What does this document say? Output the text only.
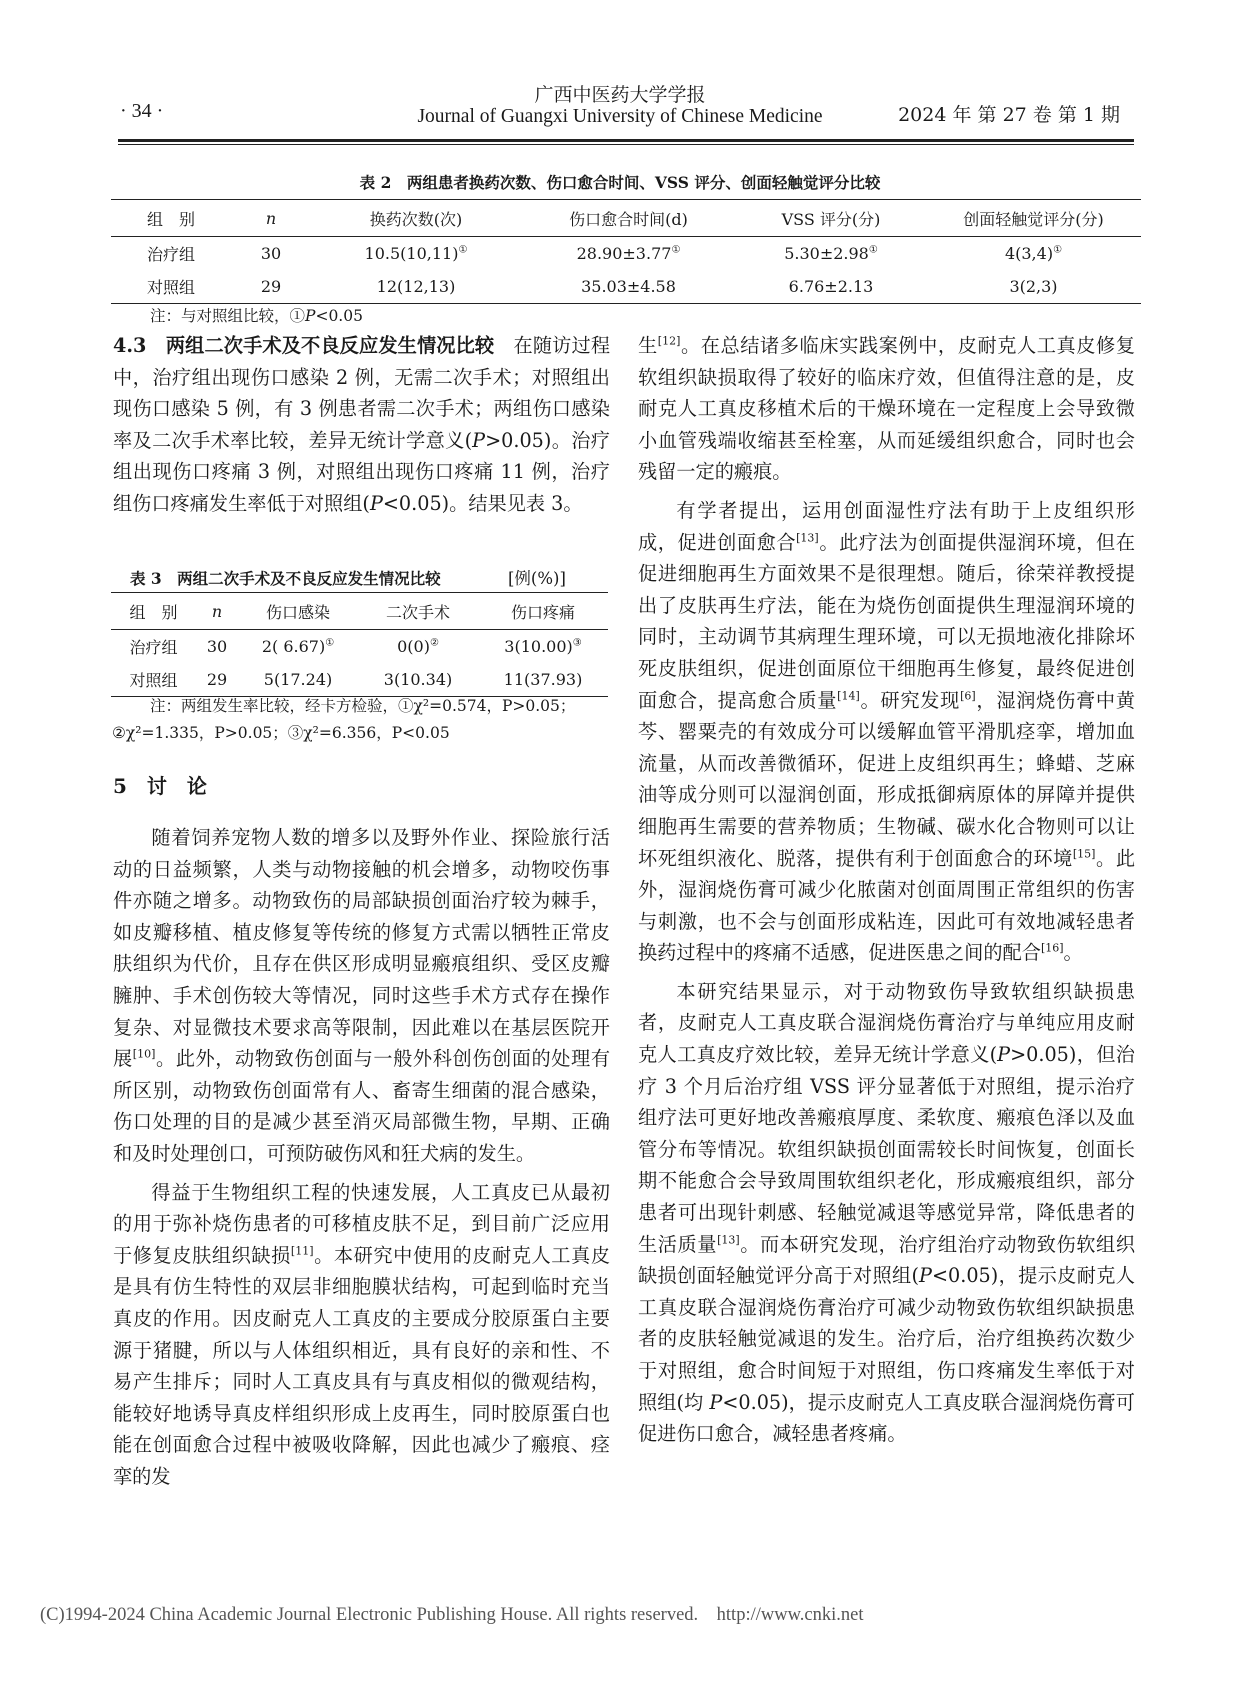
· 34 ·
广西中医药大学学报
Journal of Guangxi University of Chinese Medicine	2024 年 第 27 卷 第 1 期
表 2　两组患者换药次数、伤口愈合时间、VSS 评分、创面轻触觉评分比较
组　别	n	换药次数(次)	伤口愈合时间(d)	VSS 评分(分)	创面轻触觉评分(分)
治疗组	30	10.5(10,11)①	28.90±3.77①	5.30±2.98①	4(3,4)①
对照组	29	12(12,13)	35.03±4.58	6.76±2.13	3(2,3)
注：与对照组比较，①P<0.05

4.3　两组二次手术及不良反应发生情况比较　 在随访过程中，治疗组出现伤口感染 2 例，无需二次手术；对照组出现伤口感染 5 例，有 3 例患者需二次手术；两组伤口感染率及二次手术率比较，差异无统计学意义(P>0.05)。治疗组出现伤口疼痛 3 例，对照组出现伤口疼痛 11 例，治疗组伤口疼痛发生率低于对照组(P<0.05)。结果见表 3。

表 3　两组二次手术及不良反应发生情况比较	[例(%)]
组　别	n	伤口感染	二次手术	伤口疼痛
治疗组	30	2( 6.67)①	0(0)②	3(10.00)③
对照组	29	5(17.24)	3(10.34)	11(37.93)
注：两组发生率比较，经卡方检验，①χ²=0.574，P>0.05；
②χ²=1.335，P>0.05；③χ²=6.356，P<0.05
5　讨　论

随着饲养宠物人数的增多以及野外作业、探险旅行活动的日益频繁，人类与动物接触的机会增多，动物咬伤事件亦随之增多。动物致伤的局部缺损创面治疗较为棘手，如皮瓣移植、植皮修复等传统的修复方式需以牺牲正常皮肤组织为代价，且存在供区形成明显瘢痕组织、受区皮瓣臃肿、手术创伤较大等情况，同时这些手术方式存在操作复杂、对显微技术要求高等限制，因此难以在基层医院开展[10]。此外，动物致伤创面与一般外科创伤创面的处理有所区别，动物致伤创面常有人、畜寄生细菌的混合感染，伤口处理的目的是减少甚至消灭局部微生物，早期、正确和及时处理创口，可预防破伤风和狂犬病的发生。

得益于生物组织工程的快速发展，人工真皮已从最初的用于弥补烧伤患者的可移植皮肤不足，到目前广泛应用于修复皮肤组织缺损[11]。本研究中使用的皮耐克人工真皮是具有仿生特性的双层非细胞膜状结构，可起到临时充当真皮的作用。因皮耐克人工真皮的主要成分胶原蛋白主要源于猪腱，所以与人体组织相近，具有良好的亲和性、不易产生排斥；同时人工真皮具有与真皮相似的微观结构，能较好地诱导真皮样组织形成上皮再生，同时胶原蛋白也能在创面愈合过程中被吸收降解，因此也减少了瘢痕、痉挛的发

生[12]。在总结诸多临床实践案例中，皮耐克人工真皮修复软组织缺损取得了较好的临床疗效，但值得注意的是，皮耐克人工真皮移植术后的干燥环境在一定程度上会导致微小血管残端收缩甚至栓塞，从而延缓组织愈合，同时也会残留一定的瘢痕。

有学者提出，运用创面湿性疗法有助于上皮组织形成，促进创面愈合[13]。此疗法为创面提供湿润环境，但在促进细胞再生方面效果不是很理想。随后，徐荣祥教授提出了皮肤再生疗法，能在为烧伤创面提供生理湿润环境的同时，主动调节其病理生理环境，可以无损地液化排除坏死皮肤组织，促进创面原位干细胞再生修复，最终促进创面愈合，提高愈合质量[14]。研究发现[6]，湿润烧伤膏中黄芩、罂粟壳的有效成分可以缓解血管平滑肌痉挛，增加血流量，从而改善微循环，促进上皮组织再生；蜂蜡、芝麻油等成分则可以湿润创面，形成抵御病原体的屏障并提供细胞再生需要的营养物质；生物碱、碳水化合物则可以让坏死组织液化、脱落，提供有利于创面愈合的环境[15]。此外，湿润烧伤膏可减少化脓菌对创面周围正常组织的伤害与刺激，也不会与创面形成粘连，因此可有效地减轻患者换药过程中的疼痛不适感，促进医患之间的配合[16]。

本研究结果显示，对于动物致伤导致软组织缺损患者，皮耐克人工真皮联合湿润烧伤膏治疗与单纯应用皮耐克人工真皮疗效比较，差异无统计学意义(P>0.05)，但治疗 3 个月后治疗组 VSS 评分显著低于对照组，提示治疗组疗法可更好地改善瘢痕厚度、柔软度、瘢痕色泽以及血管分布等情况。软组织缺损创面需较长时间恢复，创面长期不能愈合会导致周围软组织老化，形成瘢痕组织，部分患者可出现针刺感、轻触觉减退等感觉异常，降低患者的生活质量[13]。而本研究发现，治疗组治疗动物致伤软组织缺损创面轻触觉评分高于对照组(P<0.05)，提示皮耐克人工真皮联合湿润烧伤膏治疗可减少动物致伤软组织缺损患者的皮肤轻触觉减退的发生。治疗后，治疗组换药次数少于对照组，愈合时间短于对照组，伤口疼痛发生率低于对照组(均 P<0.05)，提示皮耐克人工真皮联合湿润烧伤膏可促进伤口愈合，减轻患者疼痛。

(C)1994-2024 China Academic Journal Electronic Publishing House. All rights reserved. http://www.cnki.net
